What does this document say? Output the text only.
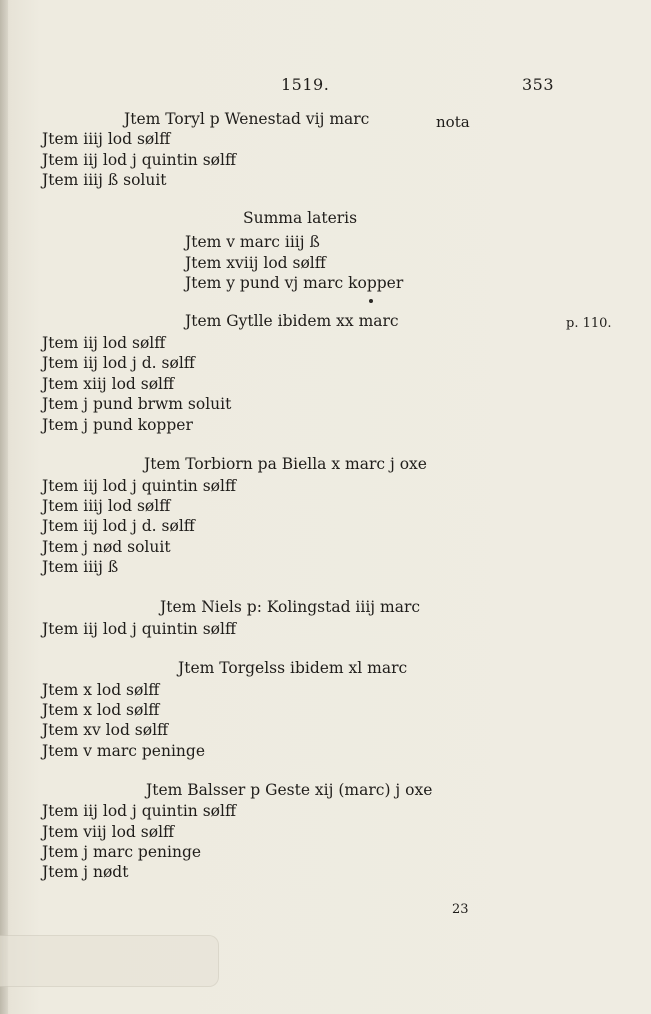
1519.	353
Jtem Toryl p Wenestad vij marc	nota
Jtem iiij lod sølff
Jtem iij lod j quintin sølff
Jtem iiij ß soluit
Summa lateris
Jtem v marc iiij ß
Jtem xviij lod sølff
Jtem y pund vj marc kopper
Jtem Gytlle ibidem xx marc	p. 110.
Jtem iij lod sølff
Jtem iij lod j d. sølff
Jtem xiij lod sølff
Jtem j pund brwm soluit
Jtem j pund kopper
Jtem Torbiorn pa Biella x marc j oxe
Jtem iij lod j quintin sølff
Jtem iiij lod sølff
Jtem iij lod j d. sølff
Jtem j nød soluit
Jtem iiij ß
Jtem Niels p: Kolingstad iiij marc
Jtem iij lod j quintin sølff
Jtem Torgelss ibidem xl marc
Jtem x lod sølff
Jtem x lod sølff
Jtem xv lod sølff
Jtem v marc peninge
Jtem Balsser p Geste xij (marc) j oxe
Jtem iij lod j quintin sølff
Jtem viij lod sølff
Jtem j marc peninge
Jtem j nødt
23
